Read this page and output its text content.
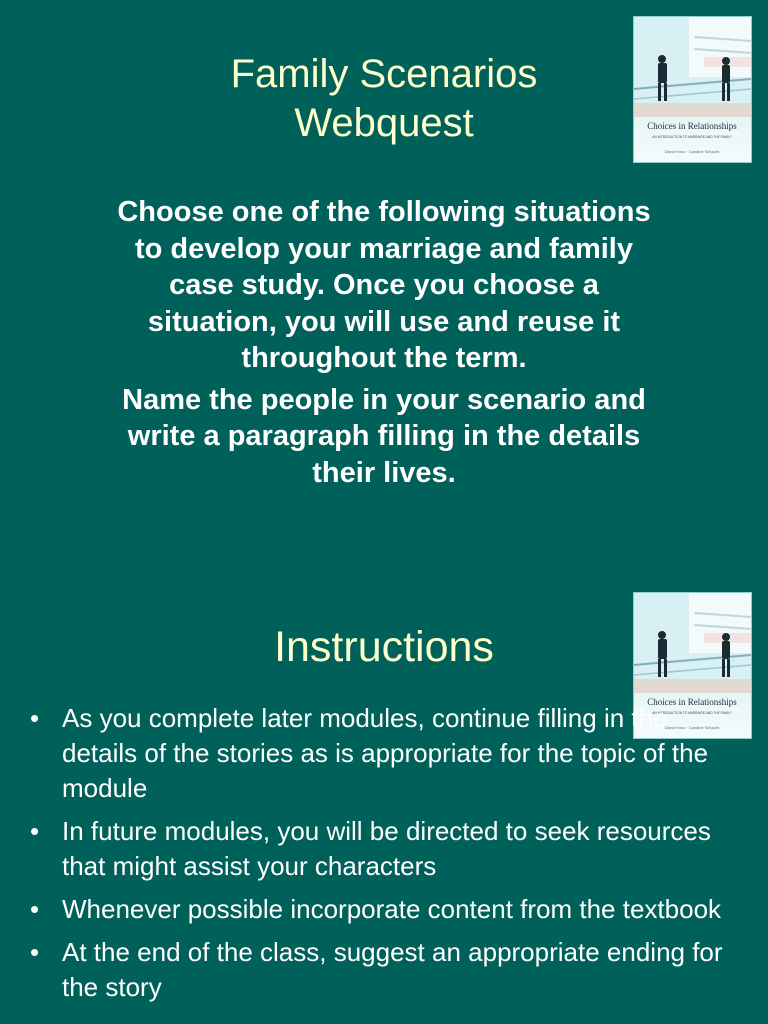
Family Scenarios
Webquest	Choices in Relationships
AN INTRODUCTION TO MARRIAGE AND THE FAMILY
David Knox · Caroline Schacht

Choose one of the following situations to develop your marriage and family case study. Once you choose a situation, you will use and reuse it throughout the term.

Name the people in your scenario and write a paragraph filling in the details their lives.

Instructions
Choices in Relationships
AN INTRODUCTION TO MARRIAGE AND THE FAMILY
David Knox · Caroline Schacht
• As you complete later modules, continue filling in the details of the stories as is appropriate for the topic of the module
• In future modules, you will be directed to seek resources that might assist your characters
• Whenever possible incorporate content from the textbook
• At the end of the class, suggest an appropriate ending for the story
